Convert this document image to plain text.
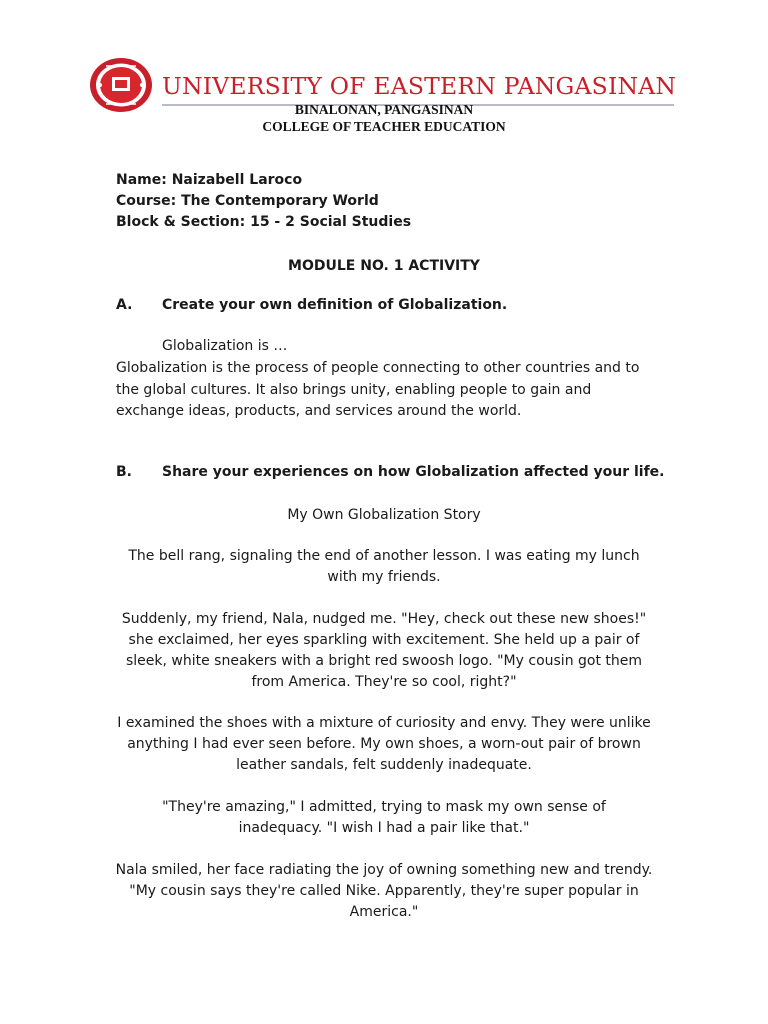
UNIVERSITY OF EASTERN PANGASINAN
BINALONAN, PANGASINAN
COLLEGE OF TEACHER EDUCATION
Name: Naizabell Laroco
Course: The Contemporary World
Block & Section: 15 - 2 Social Studies
MODULE NO. 1 ACTIVITY
A. Create your own definition of Globalization.
Globalization is …
Globalization is the process of people connecting to other countries and to the global cultures. It also brings unity, enabling people to gain and exchange ideas, products, and services around the world.
B. Share your experiences on how Globalization affected your life.
My Own Globalization Story
The bell rang, signaling the end of another lesson. I was eating my lunch with my friends.
Suddenly, my friend, Nala, nudged me. "Hey, check out these new shoes!" she exclaimed, her eyes sparkling with excitement. She held up a pair of sleek, white sneakers with a bright red swoosh logo. "My cousin got them from America. They're so cool, right?"
I examined the shoes with a mixture of curiosity and envy. They were unlike anything I had ever seen before. My own shoes, a worn-out pair of brown leather sandals, felt suddenly inadequate.
"They're amazing," I admitted, trying to mask my own sense of inadequacy. "I wish I had a pair like that."
Nala smiled, her face radiating the joy of owning something new and trendy. "My cousin says they're called Nike. Apparently, they're super popular in America."
